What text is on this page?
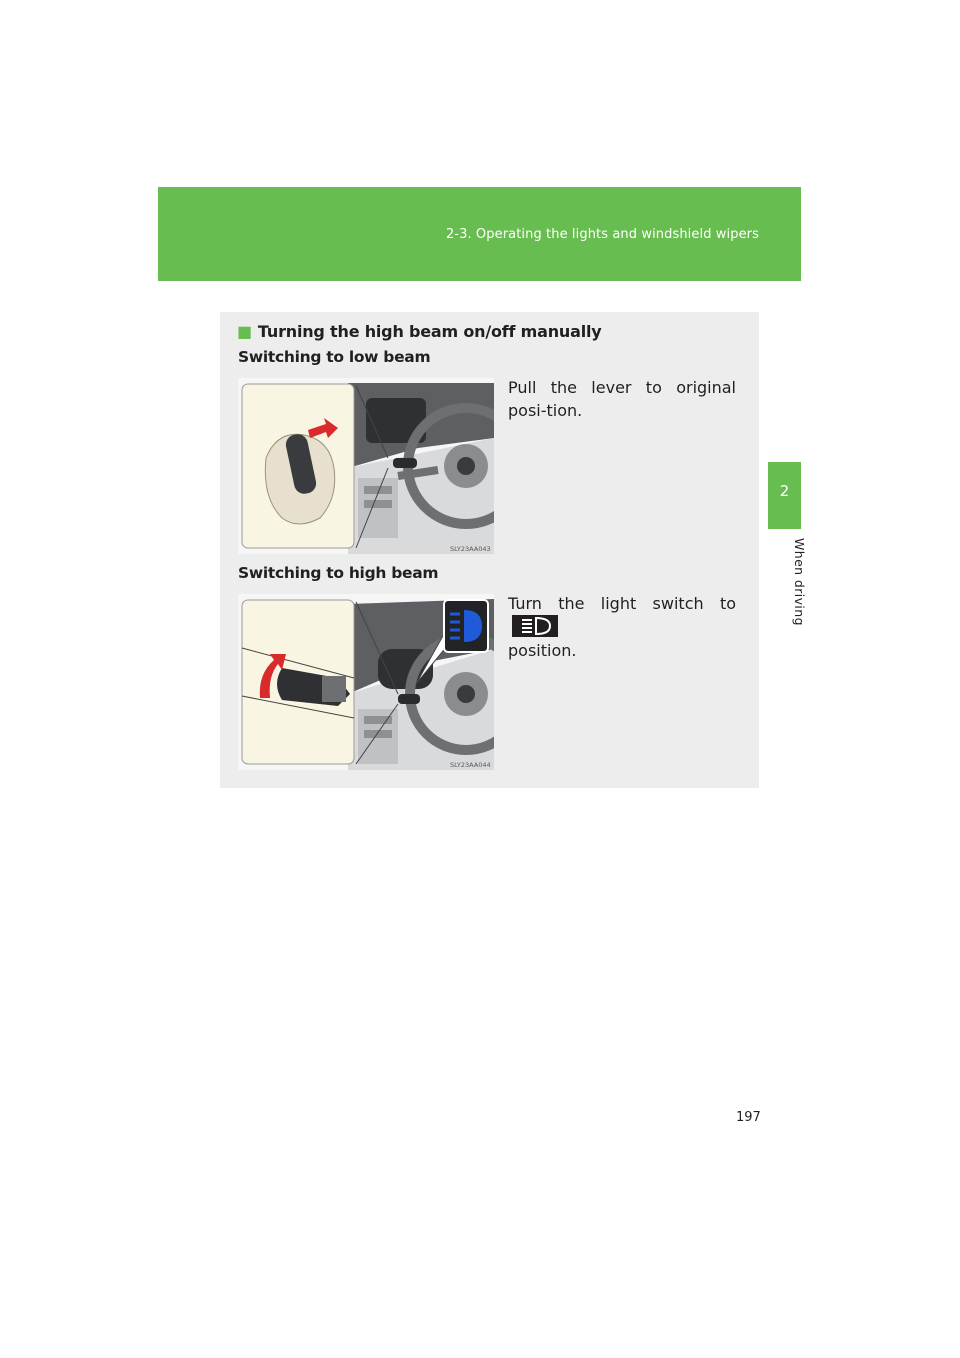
2-3. Operating the lights and windshield wipers
2
When driving
■ Turning the high beam on/off manually
Switching to low beam
SLY23AA043
Pull the lever to original posi-tion.
Switching to high beam
SLY23AA044
Turn the light switch to
position.
197
